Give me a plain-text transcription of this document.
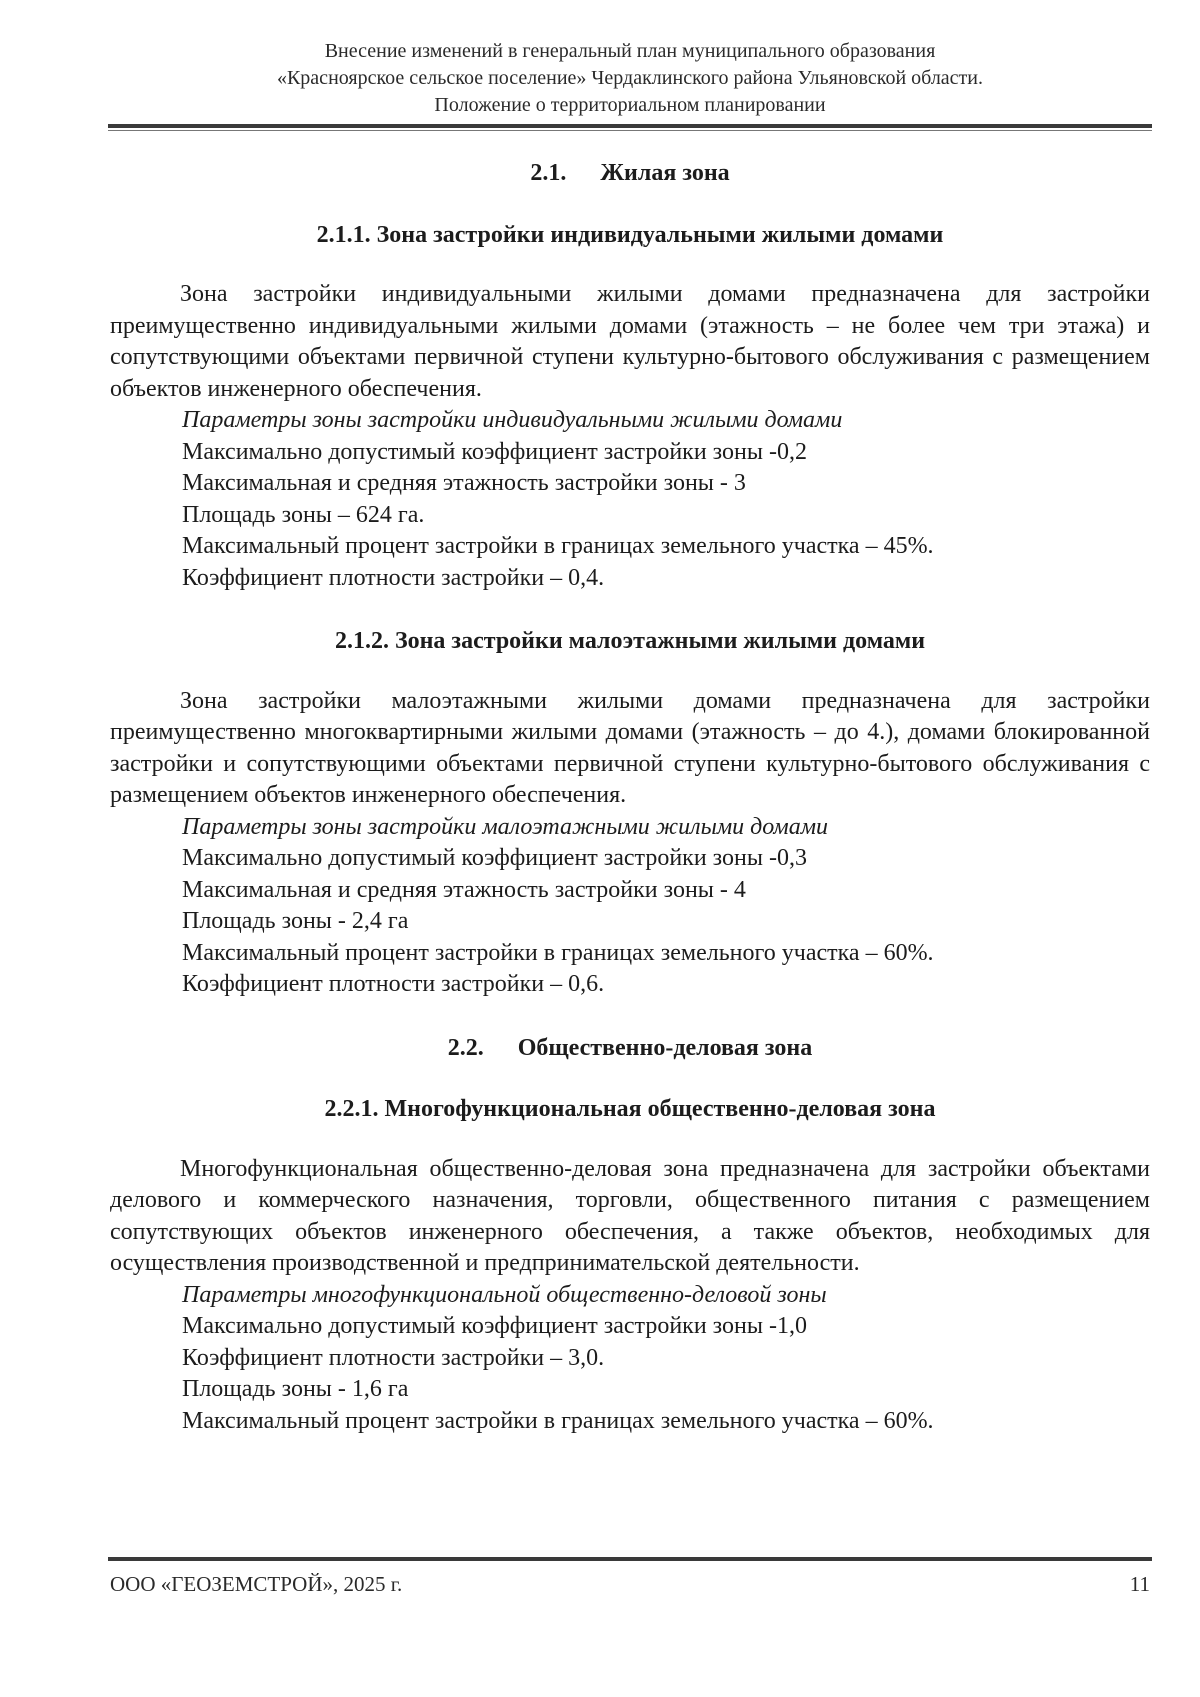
Внесение изменений в генеральный план муниципального образования
«Красноярское сельское поселение» Чердаклинского района Ульяновской области.
Положение о территориальном планировании
2.1. Жилая зона
2.1.1. Зона застройки индивидуальными жилыми домами

Зона застройки индивидуальными жилыми домами предназначена для застройки преимущественно индивидуальными жилыми домами (этажность – не более чем три этажа) и сопутствующими объектами первичной ступени культурно-бытового обслуживания с размещением объектов инженерного обеспечения.

Параметры зоны застройки индивидуальными жилыми домами
Максимально допустимый коэффициент застройки зоны -0,2
Максимальная и средняя этажность застройки зоны - 3
Площадь зоны – 624 га.
Максимальный процент застройки в границах земельного участка – 45%.
Коэффициент плотности застройки – 0,4.
2.1.2. Зона застройки малоэтажными жилыми домами

Зона застройки малоэтажными жилыми домами предназначена для застройки преимущественно многоквартирными жилыми домами (этажность – до 4.), домами блокированной застройки и сопутствующими объектами первичной ступени культурно-бытового обслуживания с размещением объектов инженерного обеспечения.

Параметры зоны застройки малоэтажными жилыми домами
Максимально допустимый коэффициент застройки зоны -0,3
Максимальная и средняя этажность застройки зоны - 4
Площадь зоны - 2,4 га
Максимальный процент застройки в границах земельного участка – 60%.
Коэффициент плотности застройки – 0,6.
2.2. Общественно-деловая зона
2.2.1. Многофункциональная общественно-деловая зона

Многофункциональная общественно-деловая зона предназначена для застройки объектами делового и коммерческого назначения, торговли, общественного питания с размещением сопутствующих объектов инженерного обеспечения, а также объектов, необходимых для осуществления производственной и предпринимательской деятельности.

Параметры многофункциональной общественно-деловой зоны
Максимально допустимый коэффициент застройки зоны -1,0
Коэффициент плотности застройки – 3,0.
Площадь зоны - 1,6 га
Максимальный процент застройки в границах земельного участка – 60%.
ООО «ГЕОЗЕМСТРОЙ», 2025 г.	11
